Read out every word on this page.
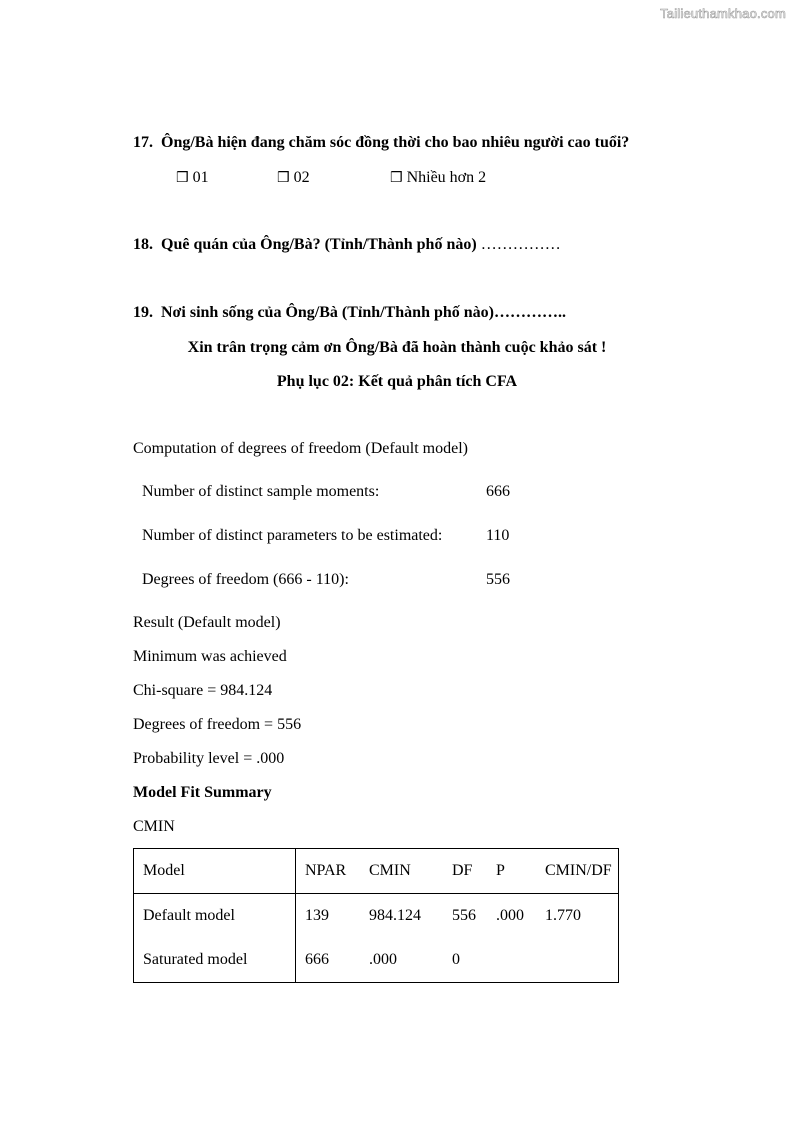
Tailieuthamkhao.com
17. Ông/Bà hiện đang chăm sóc đồng thời cho bao nhiêu người cao tuổi?
❒ 01	❒ 02	❒ Nhiều hơn 2
18. Quê quán của Ông/Bà? (Tỉnh/Thành phố nào) ……………
19. Nơi sinh sống của Ông/Bà (Tỉnh/Thành phố nào)…………..
Xin trân trọng cảm ơn Ông/Bà đã hoàn thành cuộc khảo sát !
Phụ lục 02: Kết quả phân tích CFA
Computation of degrees of freedom (Default model)
Number of distinct sample moments:	666
Number of distinct parameters to be estimated:	110
Degrees of freedom (666 - 110):	556
Result (Default model)
Minimum was achieved
Chi-square = 984.124
Degrees of freedom = 556
Probability level = .000
Model Fit Summary
CMIN
Model	NPAR	CMIN	DF	P	CMIN/DF
Default model	139	984.124	556	.000	1.770
Saturated model	666	.000	0		
